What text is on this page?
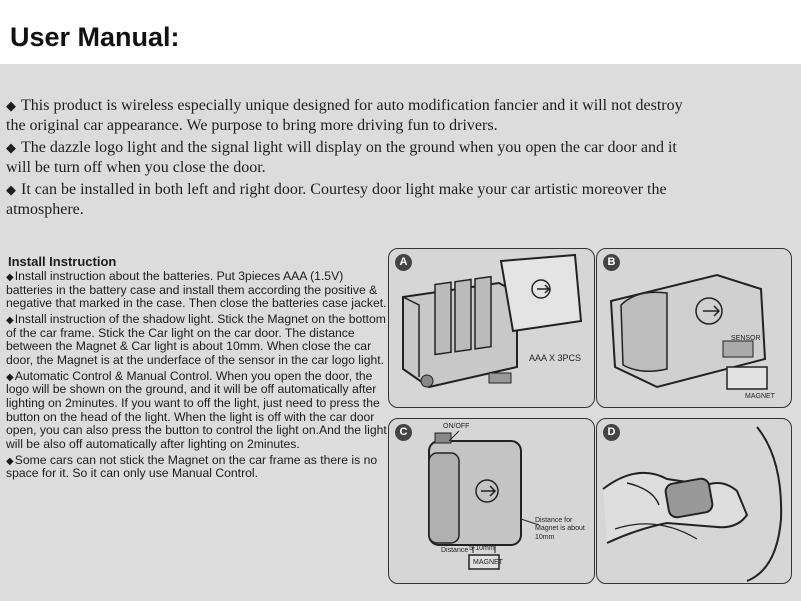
User Manual:

◆ This product is wireless especially unique designed for auto modification fancier and it will not destroy the original car appearance. We purpose to bring more driving fun to drivers.

◆ The dazzle logo light and the signal light will display on the ground when you open the car door and it will be turn off when you close the door.

◆ It can be installed in both left and right door. Courtesy door light make your car artistic moreover the atmosphere.

Install Instruction
◆Install instruction about the batteries. Put 3pieces AAA (1.5V) batteries in the battery case and install them according the positive & negative that marked in the case. Then close the batteries case jacket.
◆Install instruction of the shadow light. Stick the Magnet on the bottom of the car frame. Stick the Car light on the car door. The distance between the Magnet & Car light is about 10mm. When close the car door, the Magnet is at the underface of the sensor in the car logo light.
◆Automatic Control & Manual Control. When you open the door, the logo will be shown on the ground, and it will be off automatically after lighting on 2minutes. If you want to off the light, just need to press the button on the head of the light. When the light is off with the car door open, you can also press the button to control the light on.And the light will be also off automatically after lighting on 2minutes.
◆Some cars can not stick the Magnet on the car frame as there is no space for it. So it can only use Manual Control.
A
AAA X 3PCS
B
SENSOR
MAGNET
C	ON/OFF
Distance for Magnet is about 10mm
Distance 5-10mm
MAGNET
D
